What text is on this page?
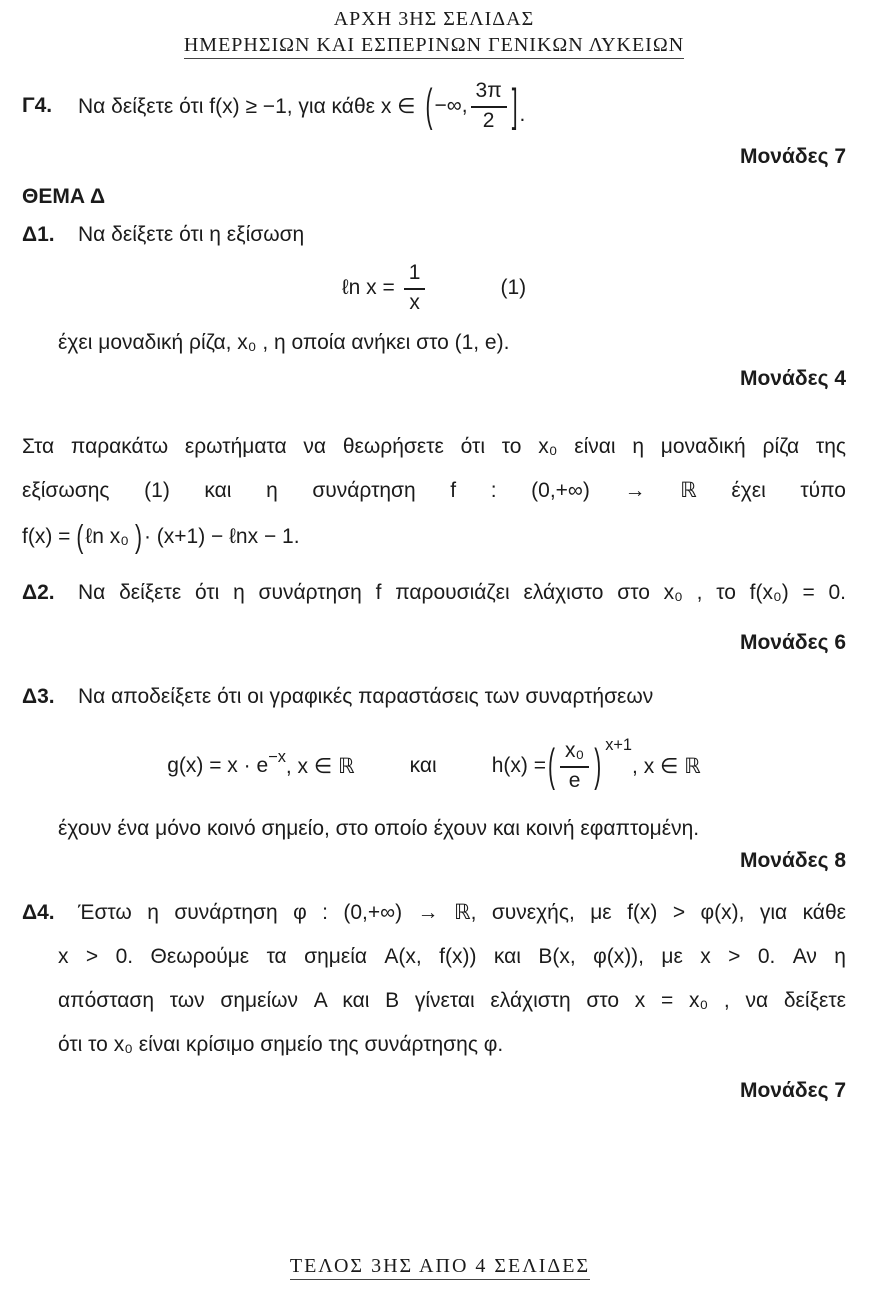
ΑΡΧΗ 3ΗΣ ΣΕΛΙΔΑΣ
ΗΜΕΡΗΣΙΩΝ ΚΑΙ ΕΣΠΕΡΙΝΩΝ ΓΕΝΙΚΩΝ ΛΥΚΕΙΩΝ
Γ4.	Να δείξετε ότι f(x) ≥ −1, για κάθε x ∈ ( −∞, $\frac{3\pi}{2}$ ] .
Μονάδες 7
ΘΕΜΑ Δ
Δ1.	Να δείξετε ότι η εξίσωση
ℓn $x = \frac{1}{x}$	(1)
έχει μοναδική ρίζα, x₀ , η οποία ανήκει στο (1, e).
Μονάδες 4
Στα παρακάτω ερωτήματα να θεωρήσετε ότι το x₀ είναι η μοναδική ρίζα της
εξίσωσης (1) και η συνάρτηση f : (0,+∞) → ℝ έχει τύπο
f(x) = ( ℓn x₀ ) · (x+1) − ℓnx − 1.
Δ2.	Να δείξετε ότι η συνάρτηση f παρουσιάζει ελάχιστο στο x₀ , το f(x₀) = 0.
Μονάδες 6
Δ3.	Να αποδείξετε ότι οι γραφικές παραστάσεις των συναρτήσεων
g(x) = x · e −x , x ∈ ℝ	και	h(x) = ( $\frac{\text{x₀}}{e}$ ) x+1
, x ∈ ℝ
έχουν ένα μόνο κοινό σημείο, στο οποίο έχουν και κοινή εφαπτομένη.
Μονάδες 8
Δ4.	Έστω η συνάρτηση φ : (0,+∞) → ℝ, συνεχής, με f(x) > φ(x), για κάθε
x > 0. Θεωρούμε τα σημεία A(x, f(x)) και B(x, φ(x)), με x > 0. Αν η
απόσταση των σημείων A και B γίνεται ελάχιστη στο x = x₀ , να δείξετε
ότι το x₀ είναι κρίσιμο σημείο της συνάρτησης φ.
Μονάδες 7
ΤΕΛΟΣ 3ΗΣ ΑΠΟ 4 ΣΕΛΙΔΕΣ
